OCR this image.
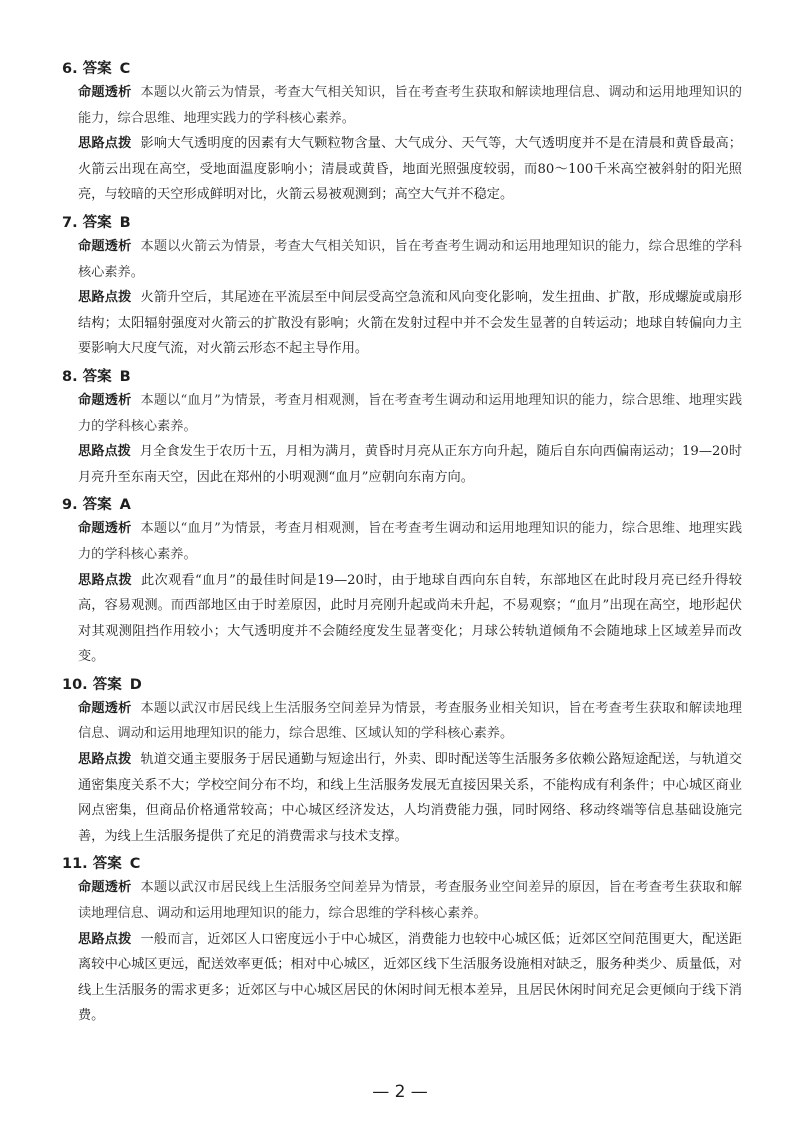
6. 答案 C
命题透析 本题以火箭云为情景，考查大气相关知识，旨在考查考生获取和解读地理信息、调动和运用地理知识的能力，综合思维、地理实践力的学科核心素养。
思路点拨 影响大气透明度的因素有大气颗粒物含量、大气成分、天气等，大气透明度并不是在清晨和黄昏最高；火箭云出现在高空，受地面温度影响小；清晨或黄昏，地面光照强度较弱，而80～100千米高空被斜射的阳光照亮，与较暗的天空形成鲜明对比，火箭云易被观测到；高空大气并不稳定。
7. 答案 B
命题透析 本题以火箭云为情景，考查大气相关知识，旨在考查考生调动和运用地理知识的能力，综合思维的学科核心素养。
思路点拨 火箭升空后，其尾迹在平流层至中间层受高空急流和风向变化影响，发生扭曲、扩散，形成螺旋或扇形结构；太阳辐射强度对火箭云的扩散没有影响；火箭在发射过程中并不会发生显著的自转运动；地球自转偏向力主要影响大尺度气流，对火箭云形态不起主导作用。
8. 答案 B
命题透析 本题以“血月”为情景，考查月相观测，旨在考查考生调动和运用地理知识的能力，综合思维、地理实践力的学科核心素养。
思路点拨 月全食发生于农历十五，月相为满月，黄昏时月亮从正东方向升起，随后自东向西偏南运动；19—20时月亮升至东南天空，因此在郑州的小明观测“血月”应朝向东南方向。
9. 答案 A
命题透析 本题以“血月”为情景，考查月相观测，旨在考查考生调动和运用地理知识的能力，综合思维、地理实践力的学科核心素养。
思路点拨 此次观看“血月”的最佳时间是19—20时，由于地球自西向东自转，东部地区在此时段月亮已经升得较高，容易观测。而西部地区由于时差原因，此时月亮刚升起或尚未升起，不易观察；“血月”出现在高空，地形起伏对其观测阻挡作用较小；大气透明度并不会随经度发生显著变化；月球公转轨道倾角不会随地球上区域差异而改变。
10. 答案 D
命题透析 本题以武汉市居民线上生活服务空间差异为情景，考查服务业相关知识，旨在考查考生获取和解读地理信息、调动和运用地理知识的能力，综合思维、区域认知的学科核心素养。
思路点拨 轨道交通主要服务于居民通勤与短途出行，外卖、即时配送等生活服务多依赖公路短途配送，与轨道交通密集度关系不大；学校空间分布不均，和线上生活服务发展无直接因果关系，不能构成有利条件；中心城区商业网点密集，但商品价格通常较高；中心城区经济发达，人均消费能力强，同时网络、移动终端等信息基础设施完善，为线上生活服务提供了充足的消费需求与技术支撑。
11. 答案 C
命题透析 本题以武汉市居民线上生活服务空间差异为情景，考查服务业空间差异的原因，旨在考查考生获取和解读地理信息、调动和运用地理知识的能力，综合思维的学科核心素养。
思路点拨 一般而言，近郊区人口密度远小于中心城区，消费能力也较中心城区低；近郊区空间范围更大，配送距离较中心城区更远，配送效率更低；相对中心城区，近郊区线下生活服务设施相对缺乏，服务种类少、质量低，对线上生活服务的需求更多；近郊区与中心城区居民的休闲时间无根本差异，且居民休闲时间充足会更倾向于线下消费。
— 2 —
